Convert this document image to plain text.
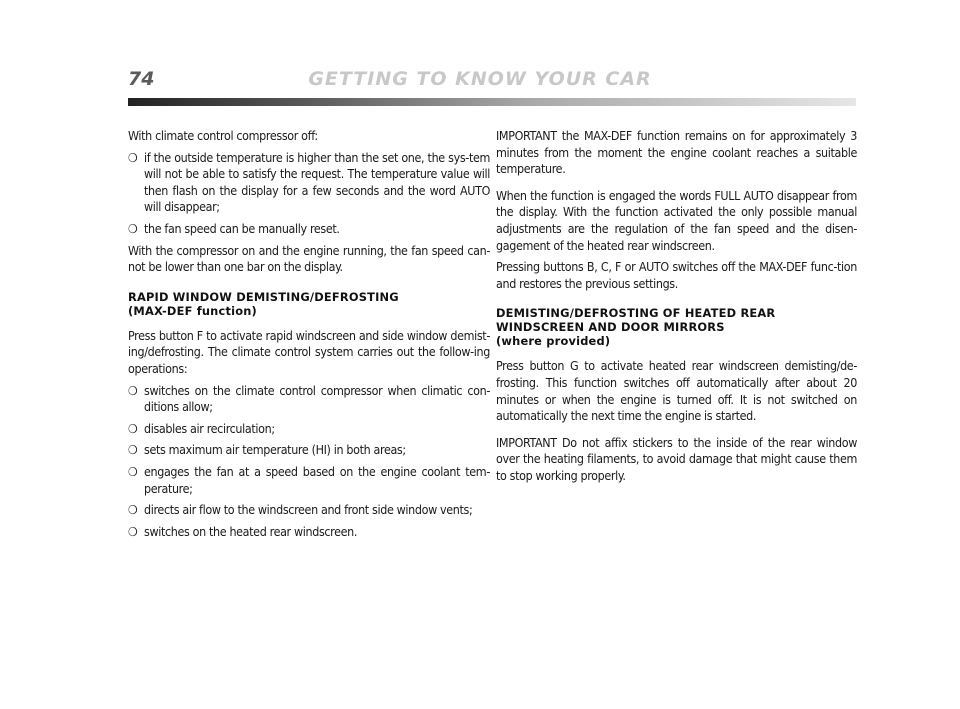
74	GETTING TO KNOW YOUR CAR

With climate control compressor off:

❍ if the outside temperature is higher than the set one, the sys-tem will not be able to satisfy the request. The temperature value will then flash on the display for a few seconds and the word AUTO will disappear;
❍ the fan speed can be manually reset.

With the compressor on and the engine running, the fan speed can-not be lower than one bar on the display.

RAPID WINDOW DEMISTING/DEFROSTING
(MAX-DEF function)

Press button F to activate rapid windscreen and side window demist-ing/defrosting. The climate control system carries out the follow-ing operations:

❍ switches on the climate control compressor when climatic con-ditions allow;
❍ disables air recirculation;
❍ sets maximum air temperature (HI) in both areas;
❍ engages the fan at a speed based on the engine coolant tem-perature;
❍ directs air flow to the windscreen and front side window vents;
❍ switches on the heated rear windscreen.

IMPORTANT the MAX-DEF function remains on for approximately 3 minutes from the moment the engine coolant reaches a suitable temperature.

When the function is engaged the words FULL AUTO disappear from the display. With the function activated the only possible manual adjustments are the regulation of the fan speed and the disen-gagement of the heated rear windscreen.

Pressing buttons B, C, F or AUTO switches off the MAX-DEF func-tion and restores the previous settings.

DEMISTING/DEFROSTING OF HEATED REAR
WINDSCREEN AND DOOR MIRRORS
(where provided)

Press button G to activate heated rear windscreen demisting/de-frosting. This function switches off automatically after about 20 minutes or when the engine is turned off. It is not switched on automatically the next time the engine is started.

IMPORTANT Do not affix stickers to the inside of the rear window over the heating filaments, to avoid damage that might cause them to stop working properly.
